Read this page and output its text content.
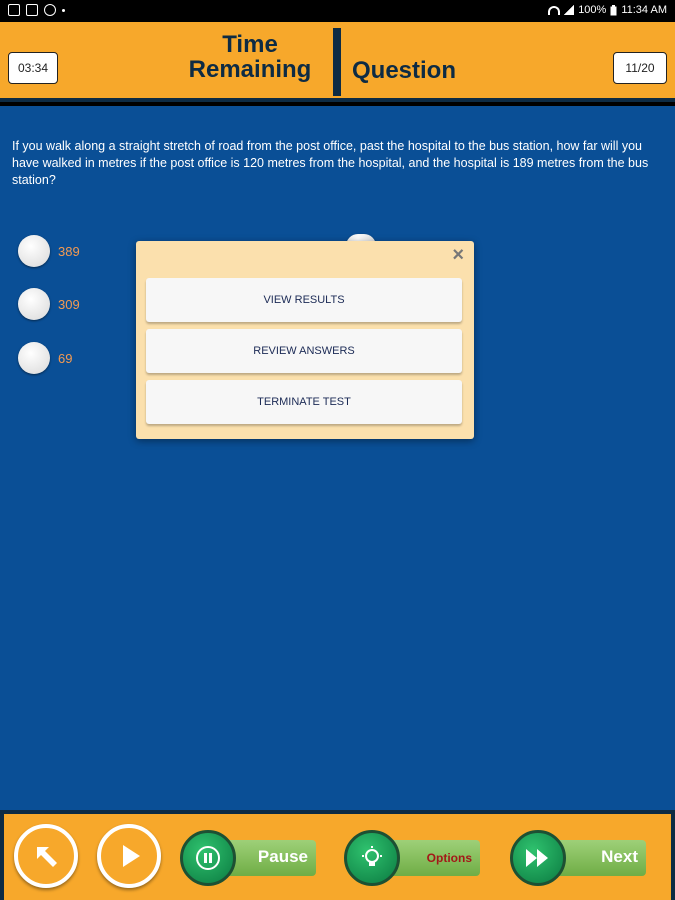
100% 11:34 AM
03:34
Time
Remaining	Question	11/20
If you walk along a straight stretch of road from the post office, past the hospital to the bus station, how far will you have walked in metres if the post office is 120 metres from the hospital, and the hospital is 189 metres from the bus station?
389
309
69
×
VIEW RESULTS
REVIEW ANSWERS
TERMINATE TEST
Pause	Options	Next
